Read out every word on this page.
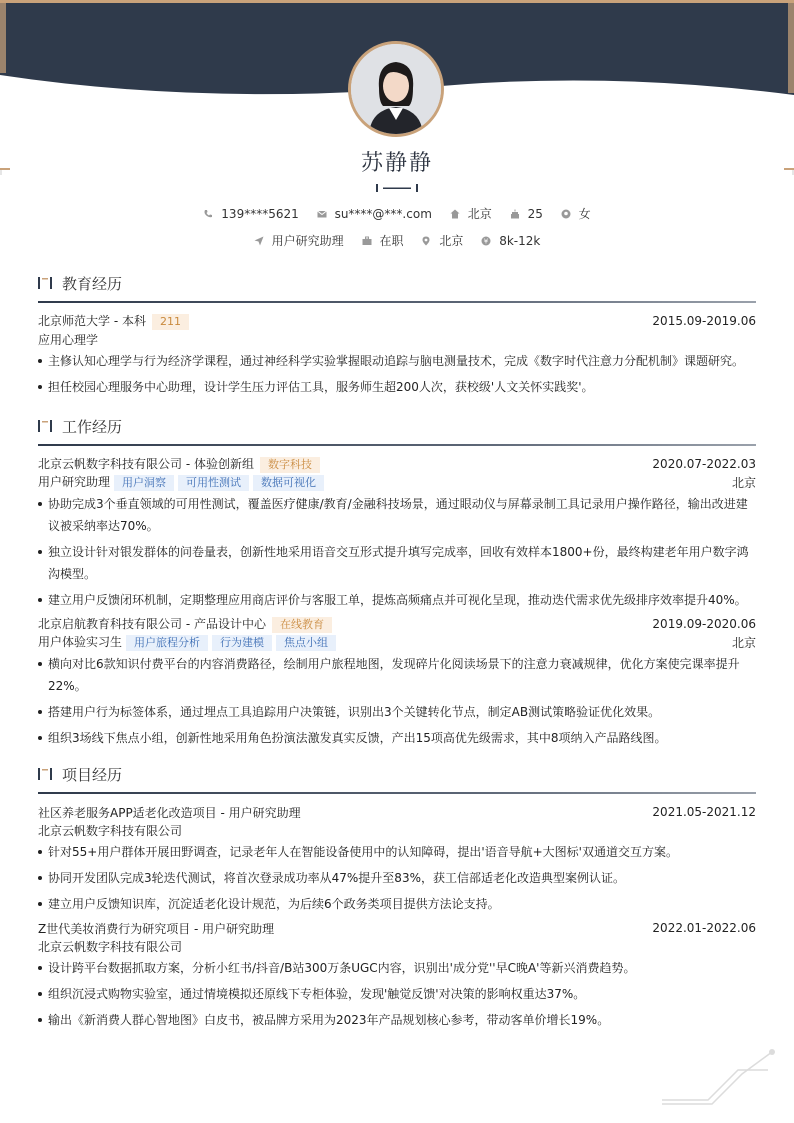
苏静静
139****5621
	su****@***.com
	北京
	25
	女
用户研究助理
	在职
	北京
	¥ 8k-12k
教育经历
北京师范大学 - 本科 211	2015.09-2019.06
应用心理学
主修认知心理学与行为经济学课程，通过神经科学实验掌握眼动追踪与脑电测量技术，完成《数字时代注意力分配机制》课题研究。
担任校园心理服务中心助理，设计学生压力评估工具，服务师生超200人次，获校级'人文关怀实践奖'。
工作经历
北京云帆数字科技有限公司 - 体验创新组 数字科技	2020.07-2022.03
用户研究助理 用户洞察 可用性测试 数据可视化	北京
协助完成3个垂直领域的可用性测试，覆盖医疗健康/教育/金融科技场景，通过眼动仪与屏幕录制工具记录用户操作路径，输出改进建议被采纳率达70%。
独立设计针对银发群体的问卷量表，创新性地采用语音交互形式提升填写完成率，回收有效样本1800+份，最终构建老年用户数字鸿沟模型。
建立用户反馈闭环机制，定期整理应用商店评价与客服工单，提炼高频痛点并可视化呈现，推动迭代需求优先级排序效率提升40%。
北京启航教育科技有限公司 - 产品设计中心 在线教育	2019.09-2020.06
用户体验实习生 用户旅程分析 行为建模 焦点小组	北京
横向对比6款知识付费平台的内容消费路径，绘制用户旅程地图，发现碎片化阅读场景下的注意力衰减规律，优化方案使完课率提升22%。
搭建用户行为标签体系，通过埋点工具追踪用户决策链，识别出3个关键转化节点，制定AB测试策略验证优化效果。
组织3场线下焦点小组，创新性地采用角色扮演法激发真实反馈，产出15项高优先级需求，其中8项纳入产品路线图。
项目经历
社区养老服务APP适老化改造项目 - 用户研究助理	2021.05-2021.12
北京云帆数字科技有限公司
针对55+用户群体开展田野调查，记录老年人在智能设备使用中的认知障碍，提出'语音导航+大图标'双通道交互方案。
协同开发团队完成3轮迭代测试，将首次登录成功率从47%提升至83%，获工信部适老化改造典型案例认证。
建立用户反馈知识库，沉淀适老化设计规范，为后续6个政务类项目提供方法论支持。
Z世代美妆消费行为研究项目 - 用户研究助理	2022.01-2022.06
北京云帆数字科技有限公司
设计跨平台数据抓取方案，分析小红书/抖音/B站300万条UGC内容，识别出'成分党''早C晚A'等新兴消费趋势。
组织沉浸式购物实验室，通过情境模拟还原线下专柜体验，发现'触觉反馈'对决策的影响权重达37%。
输出《新消费人群心智地图》白皮书，被品牌方采用为2023年产品规划核心参考，带动客单价增长19%。
